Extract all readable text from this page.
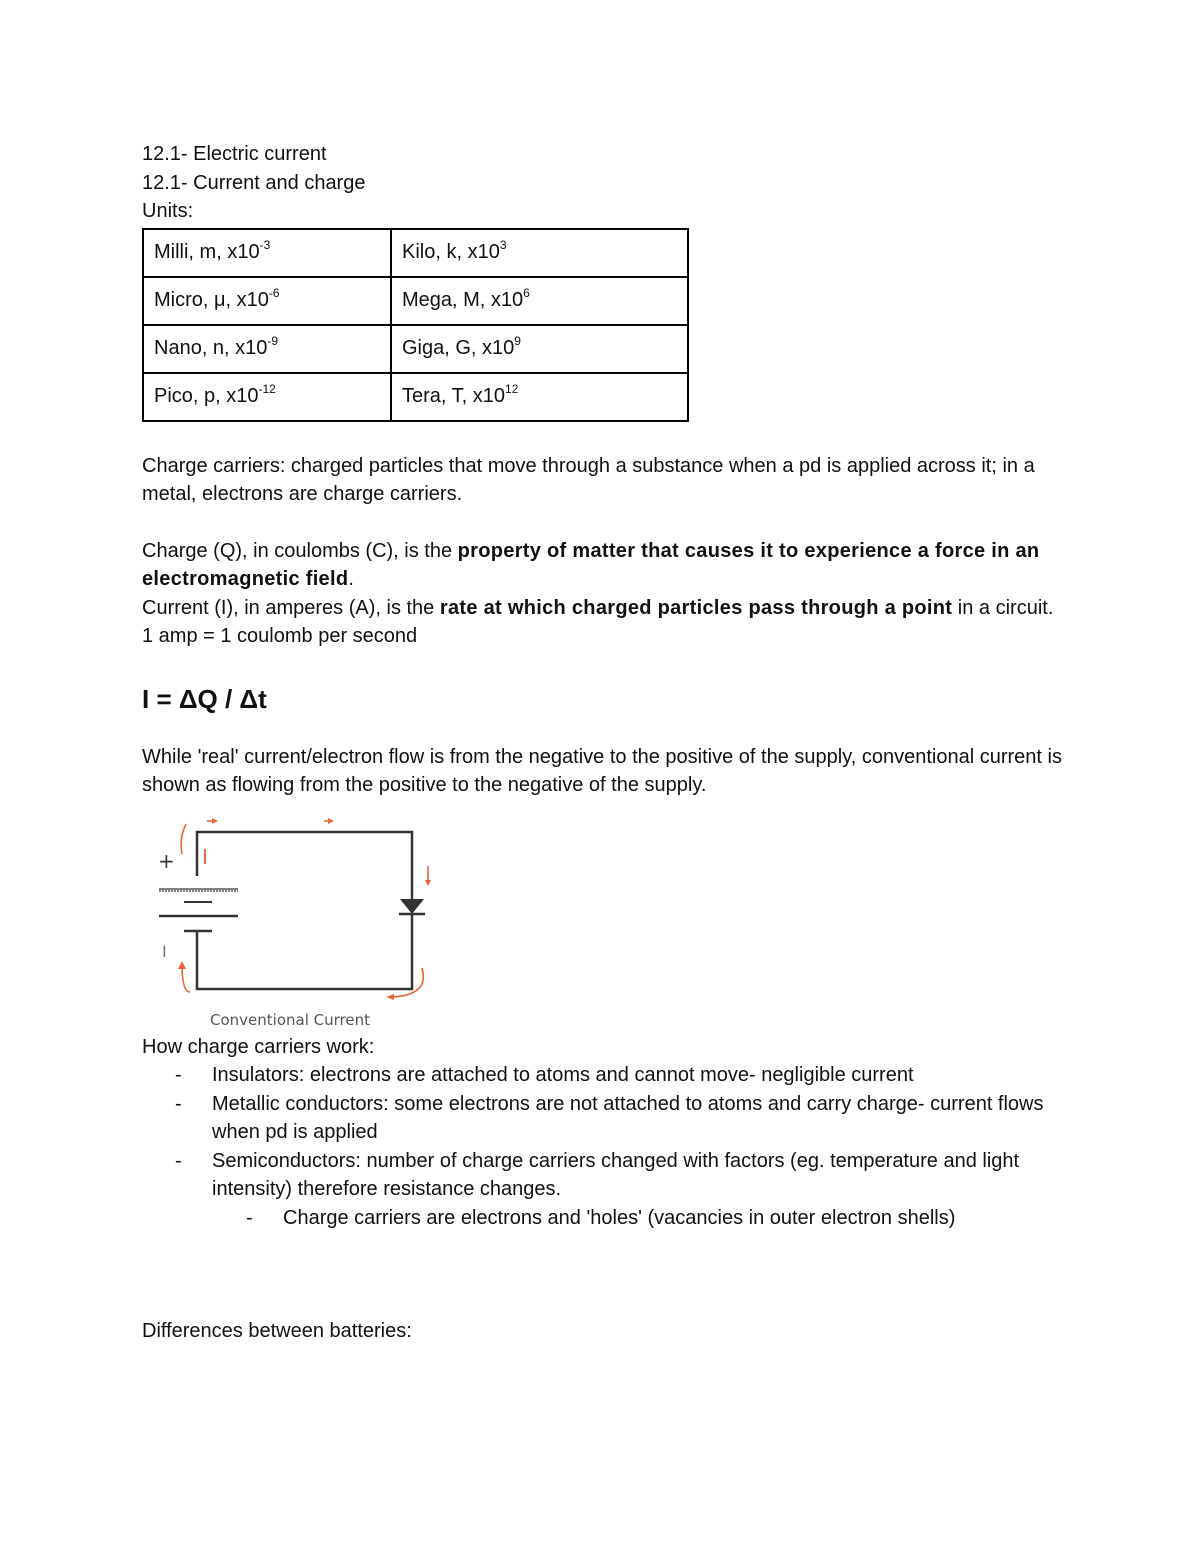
12.1- Electric current

12.1- Current and charge

Units:

Milli, m, $x10^{-3}$	Kilo, k, $x10^3$
Micro, μ, $x10^{-6}$	Mega, M, $x10^6$
Nano, n, $x10^{-9}$	Giga, G, $x10^9$
Pico, p, $x10^{-12}$	Tera, T, $x10^{12}$

Charge carriers: charged particles that move through a substance when a pd is applied across it; in a metal, electrons are charge carriers.

Charge (Q), in coulombs (C), is the property of matter that causes it to experience a force in an electromagnetic field.

Current (I), in amperes (A), is the rate at which charged particles pass through a point in a circuit.

1 amp = 1 coulomb per second

I = ΔQ / Δt

While 'real' current/electron flow is from the negative to the positive of the supply, conventional current is shown as flowing from the positive to the negative of the supply.

+
I
I
Conventional Current

How charge carriers work:

- Insulators: electrons are attached to atoms and cannot move- negligible current
- Metallic conductors: some electrons are not attached to atoms and carry charge- current flows when pd is applied
- Semiconductors: number of charge carriers changed with factors (eg. temperature and light intensity) therefore resistance changes.
- Charge carriers are electrons and 'holes' (vacancies in outer electron shells)

Differences between batteries:
